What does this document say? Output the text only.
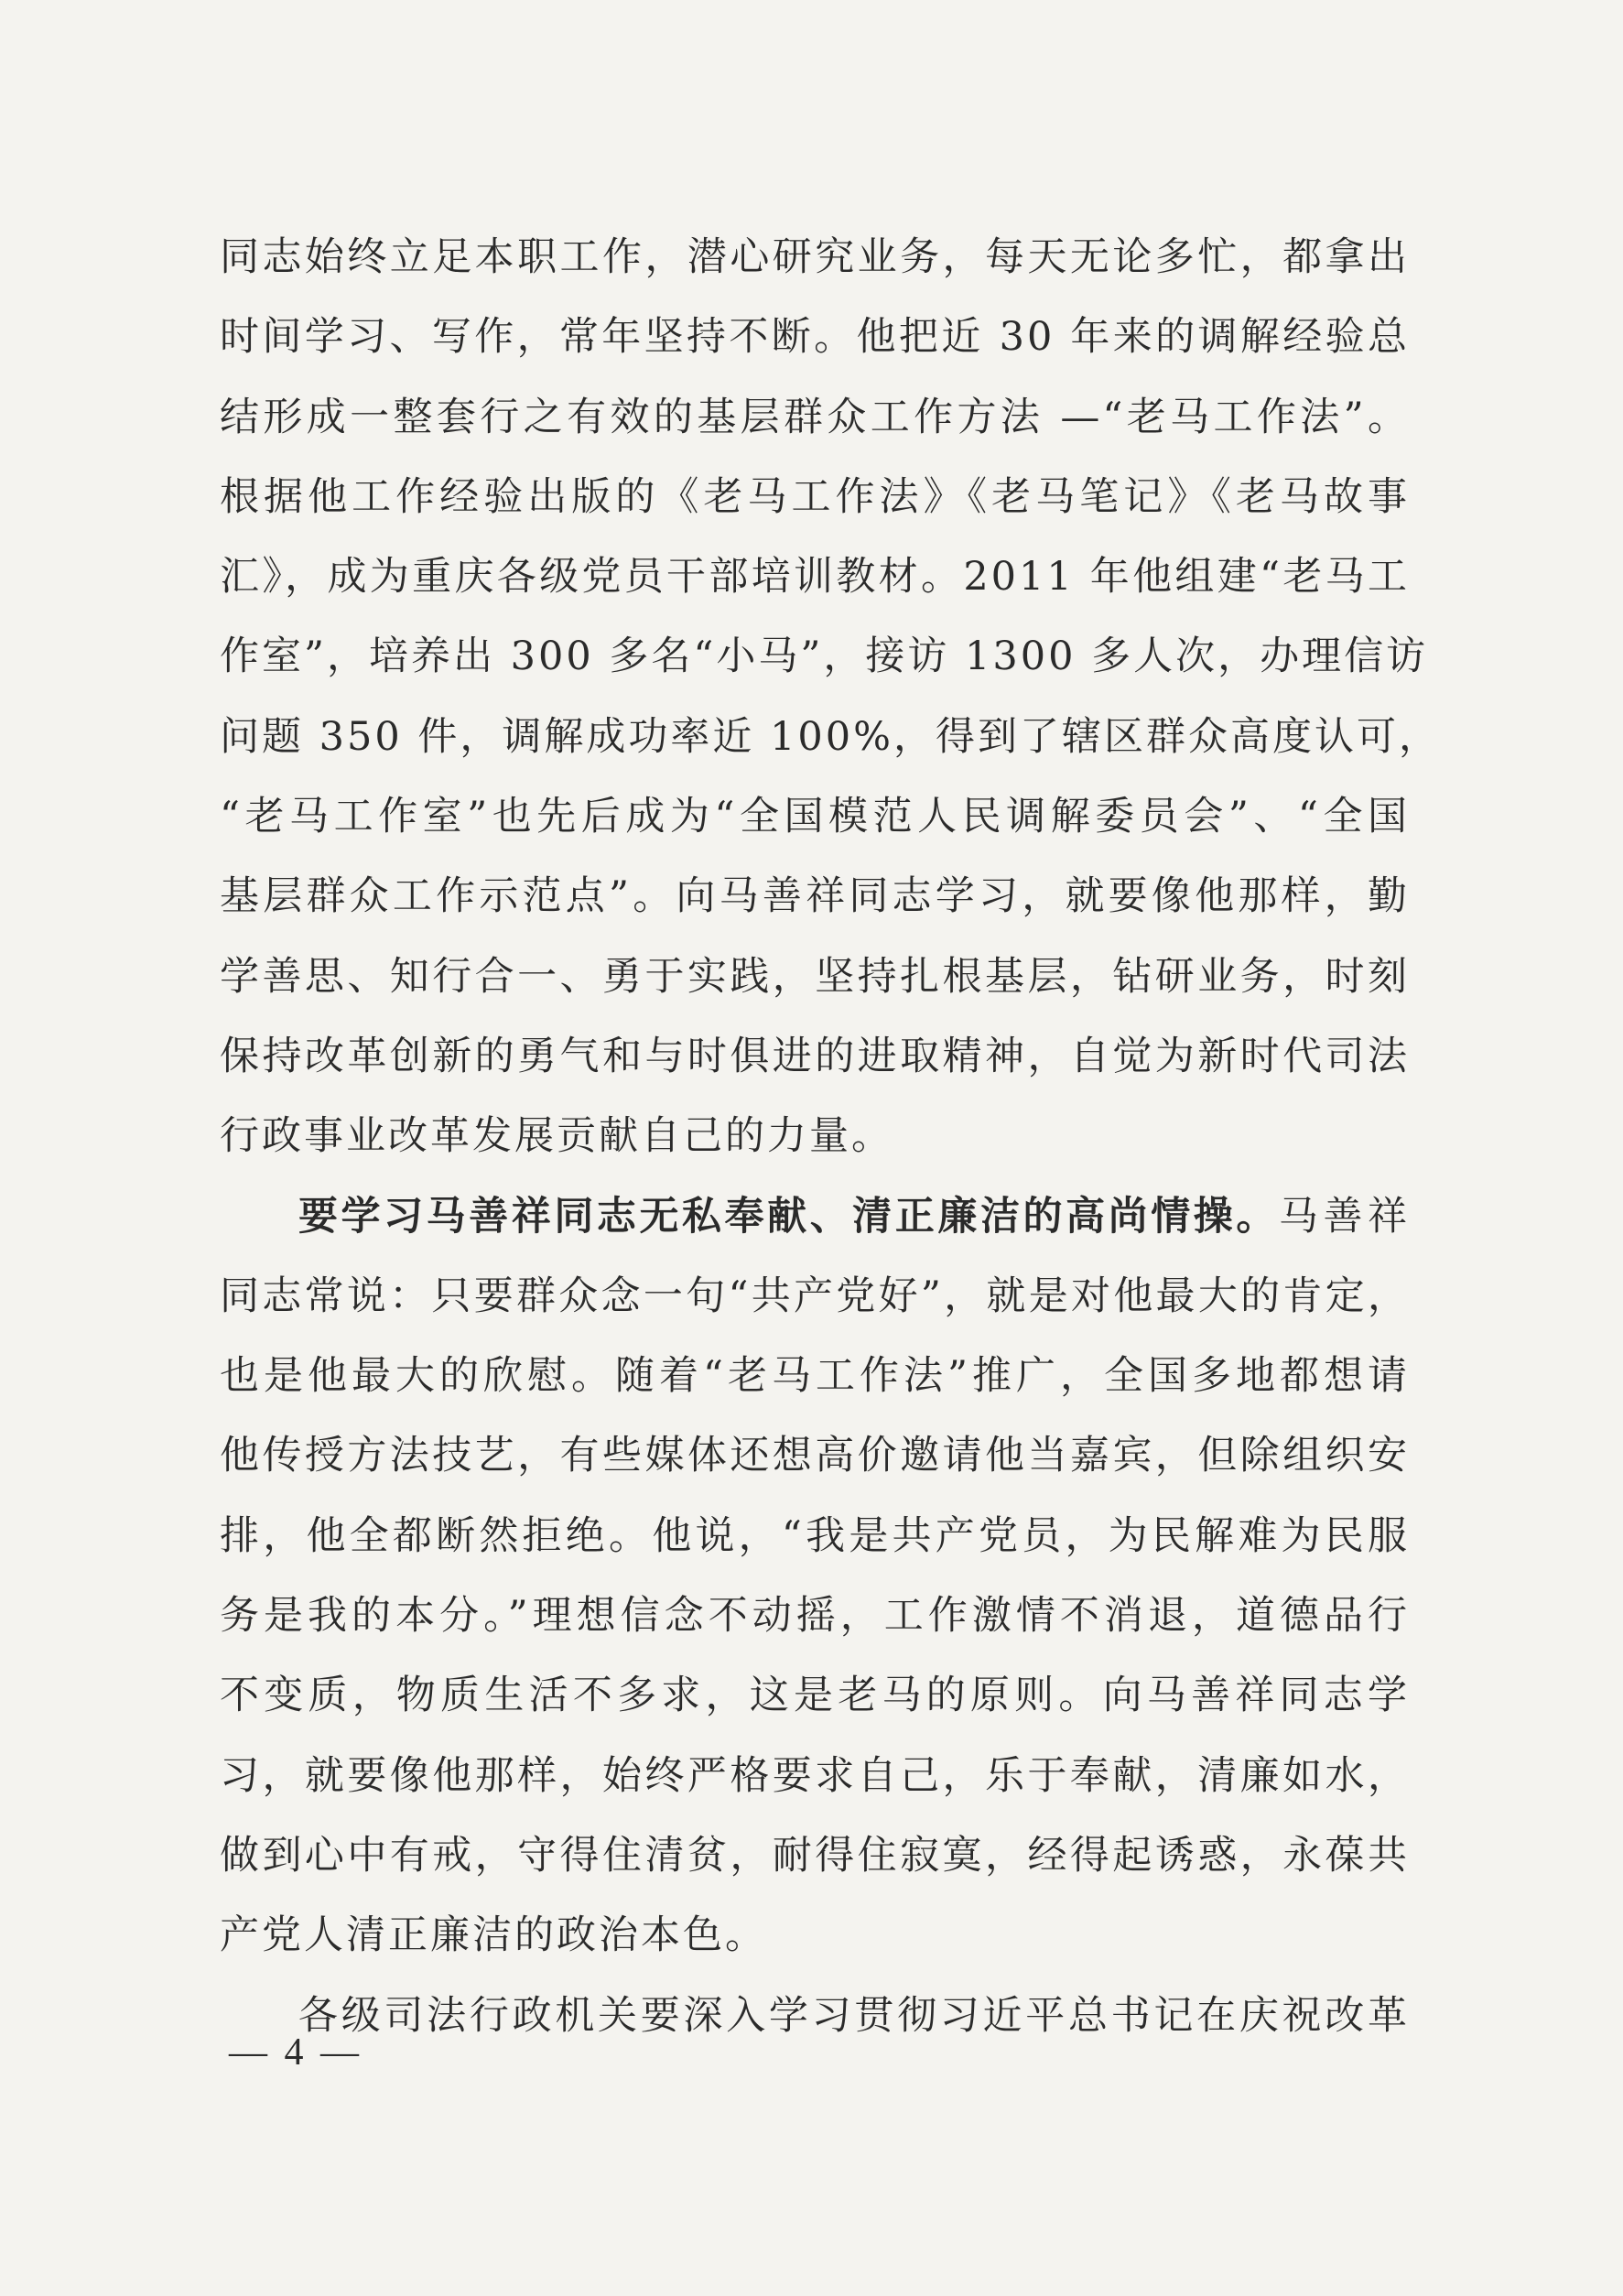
同志始终立足本职工作，潜心研究业务，每天无论多忙，都拿出
时间学习、写作，常年坚持不断。他把近 30 年来的调解经验总
结形成一整套行之有效的基层群众工作方法 —“老马工作法”。
根据他工作经验出版的《老马工作法》《老马笔记》《老马故事
汇》，成为重庆各级党员干部培训教材。2011 年他组建“老马工
作室”，培养出 300 多名“小马”，接访 1300 多人次，办理信访
问题 350 件，调解成功率近 100%，得到了辖区群众高度认可，
“老马工作室”也先后成为“全国模范人民调解委员会”、“全国
基层群众工作示范点”。向马善祥同志学习，就要像他那样，勤
学善思、知行合一、勇于实践，坚持扎根基层，钻研业务，时刻
保持改革创新的勇气和与时俱进的进取精神，自觉为新时代司法
行政事业改革发展贡献自己的力量。
要学习马善祥同志无私奉献、清正廉洁的高尚情操。马善祥
同志常说：只要群众念一句“共产党好”，就是对他最大的肯定，
也是他最大的欣慰。随着“老马工作法”推广，全国多地都想请
他传授方法技艺，有些媒体还想高价邀请他当嘉宾，但除组织安
排，他全都断然拒绝。他说，“我是共产党员，为民解难为民服
务是我的本分。”理想信念不动摇，工作激情不消退，道德品行
不变质，物质生活不多求，这是老马的原则。向马善祥同志学
习，就要像他那样，始终严格要求自己，乐于奉献，清廉如水，
做到心中有戒，守得住清贫，耐得住寂寞，经得起诱惑，永葆共
产党人清正廉洁的政治本色。
各级司法行政机关要深入学习贯彻习近平总书记在庆祝改革
— 4 —
